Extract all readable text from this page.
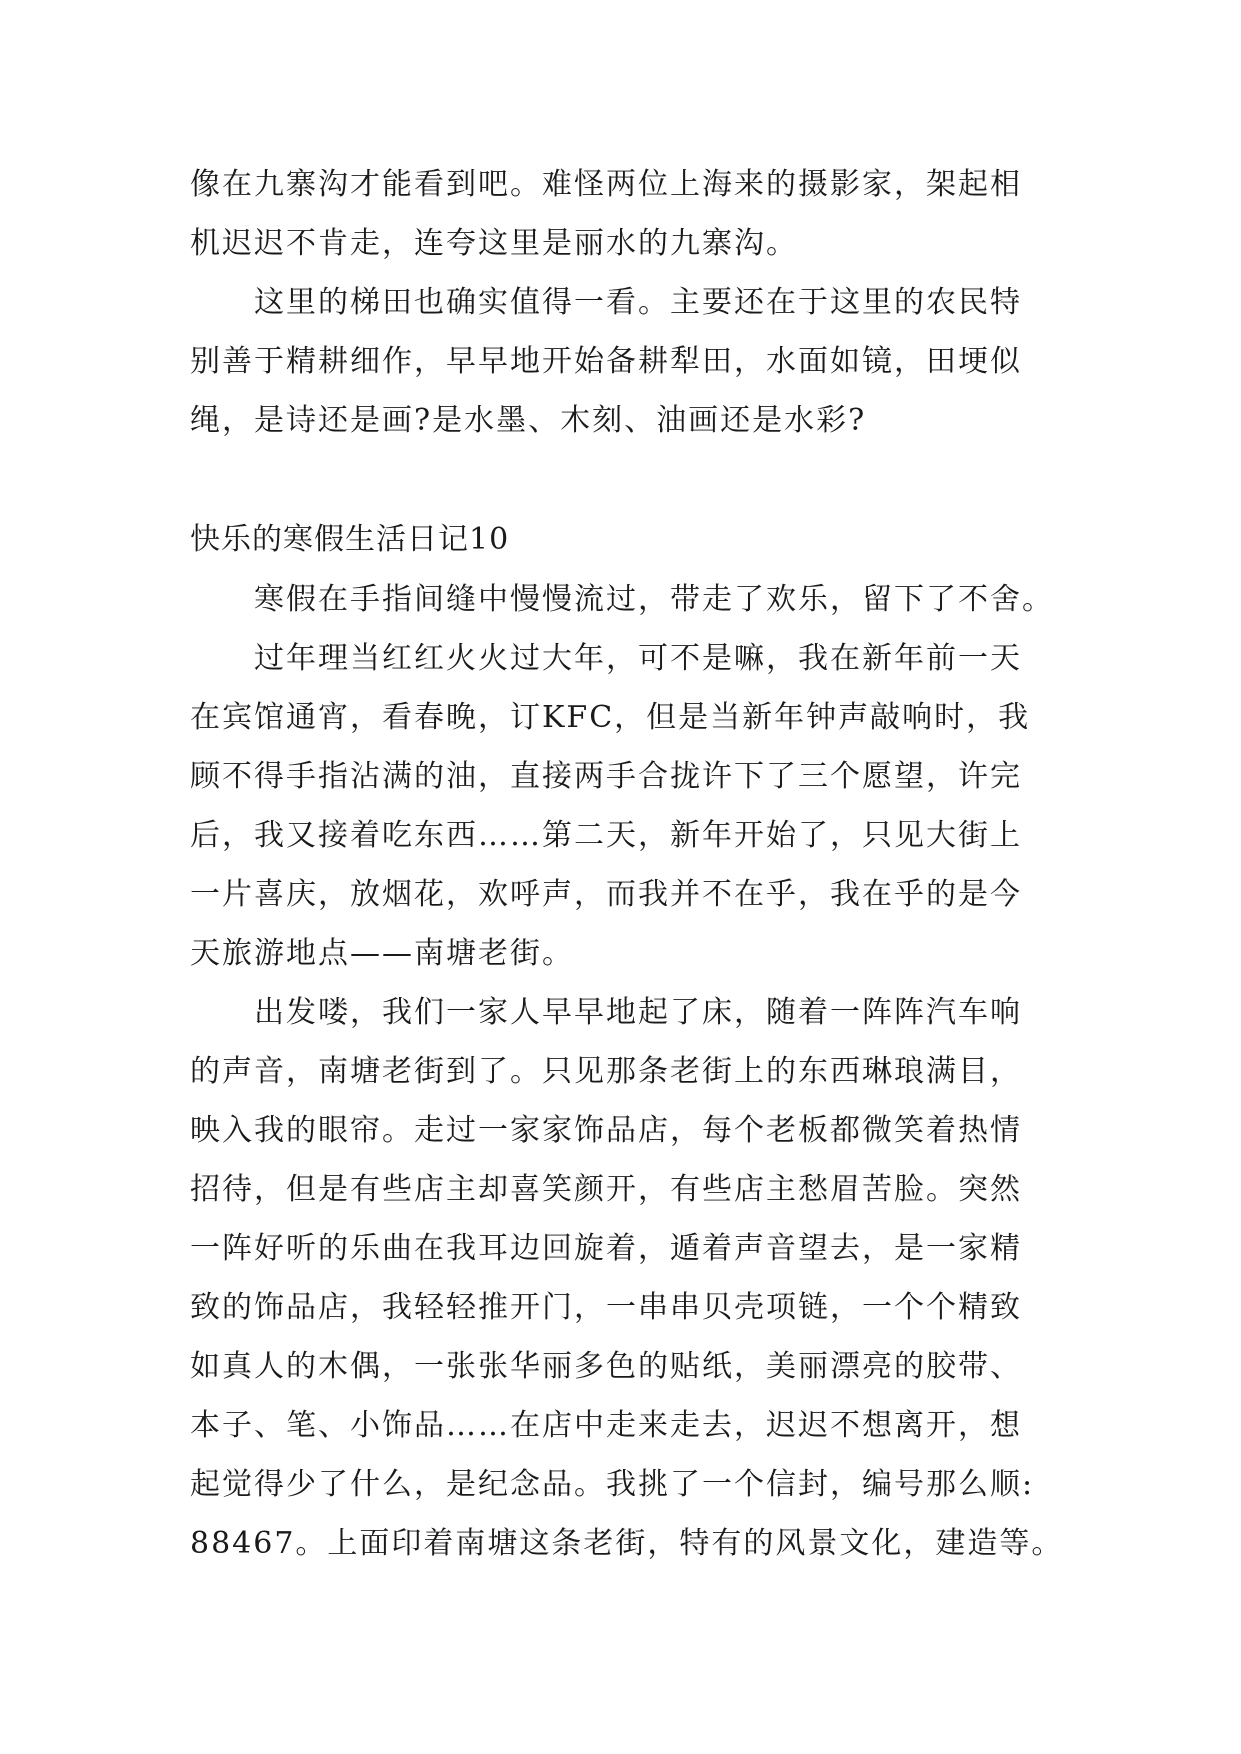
像在九寨沟才能看到吧。难怪两位上海来的摄影家，架起相
机迟迟不肯走，连夸这里是丽水的九寨沟。
这里的梯田也确实值得一看。主要还在于这里的农民特
别善于精耕细作，早早地开始备耕犁田，水面如镜，田埂似
绳，是诗还是画?是水墨、木刻、油画还是水彩?
快乐的寒假生活日记10
寒假在手指间缝中慢慢流过，带走了欢乐，留下了不舍。
过年理当红红火火过大年，可不是嘛，我在新年前一天
在宾馆通宵，看春晚，订KFC，但是当新年钟声敲响时，我
顾不得手指沾满的油，直接两手合拢许下了三个愿望，许完
后，我又接着吃东西……第二天，新年开始了，只见大街上
一片喜庆，放烟花，欢呼声，而我并不在乎，我在乎的是今
天旅游地点——南塘老街。
出发喽，我们一家人早早地起了床，随着一阵阵汽车响
的声音，南塘老街到了。只见那条老街上的东西琳琅满目，
映入我的眼帘。走过一家家饰品店，每个老板都微笑着热情
招待，但是有些店主却喜笑颜开，有些店主愁眉苦脸。突然
一阵好听的乐曲在我耳边回旋着，遁着声音望去，是一家精
致的饰品店，我轻轻推开门，一串串贝壳项链，一个个精致
如真人的木偶，一张张华丽多色的贴纸，美丽漂亮的胶带、
本子、笔、小饰品……在店中走来走去，迟迟不想离开，想
起觉得少了什么，是纪念品。我挑了一个信封，编号那么顺:
88467。上面印着南塘这条老街，特有的风景文化，建造等。
